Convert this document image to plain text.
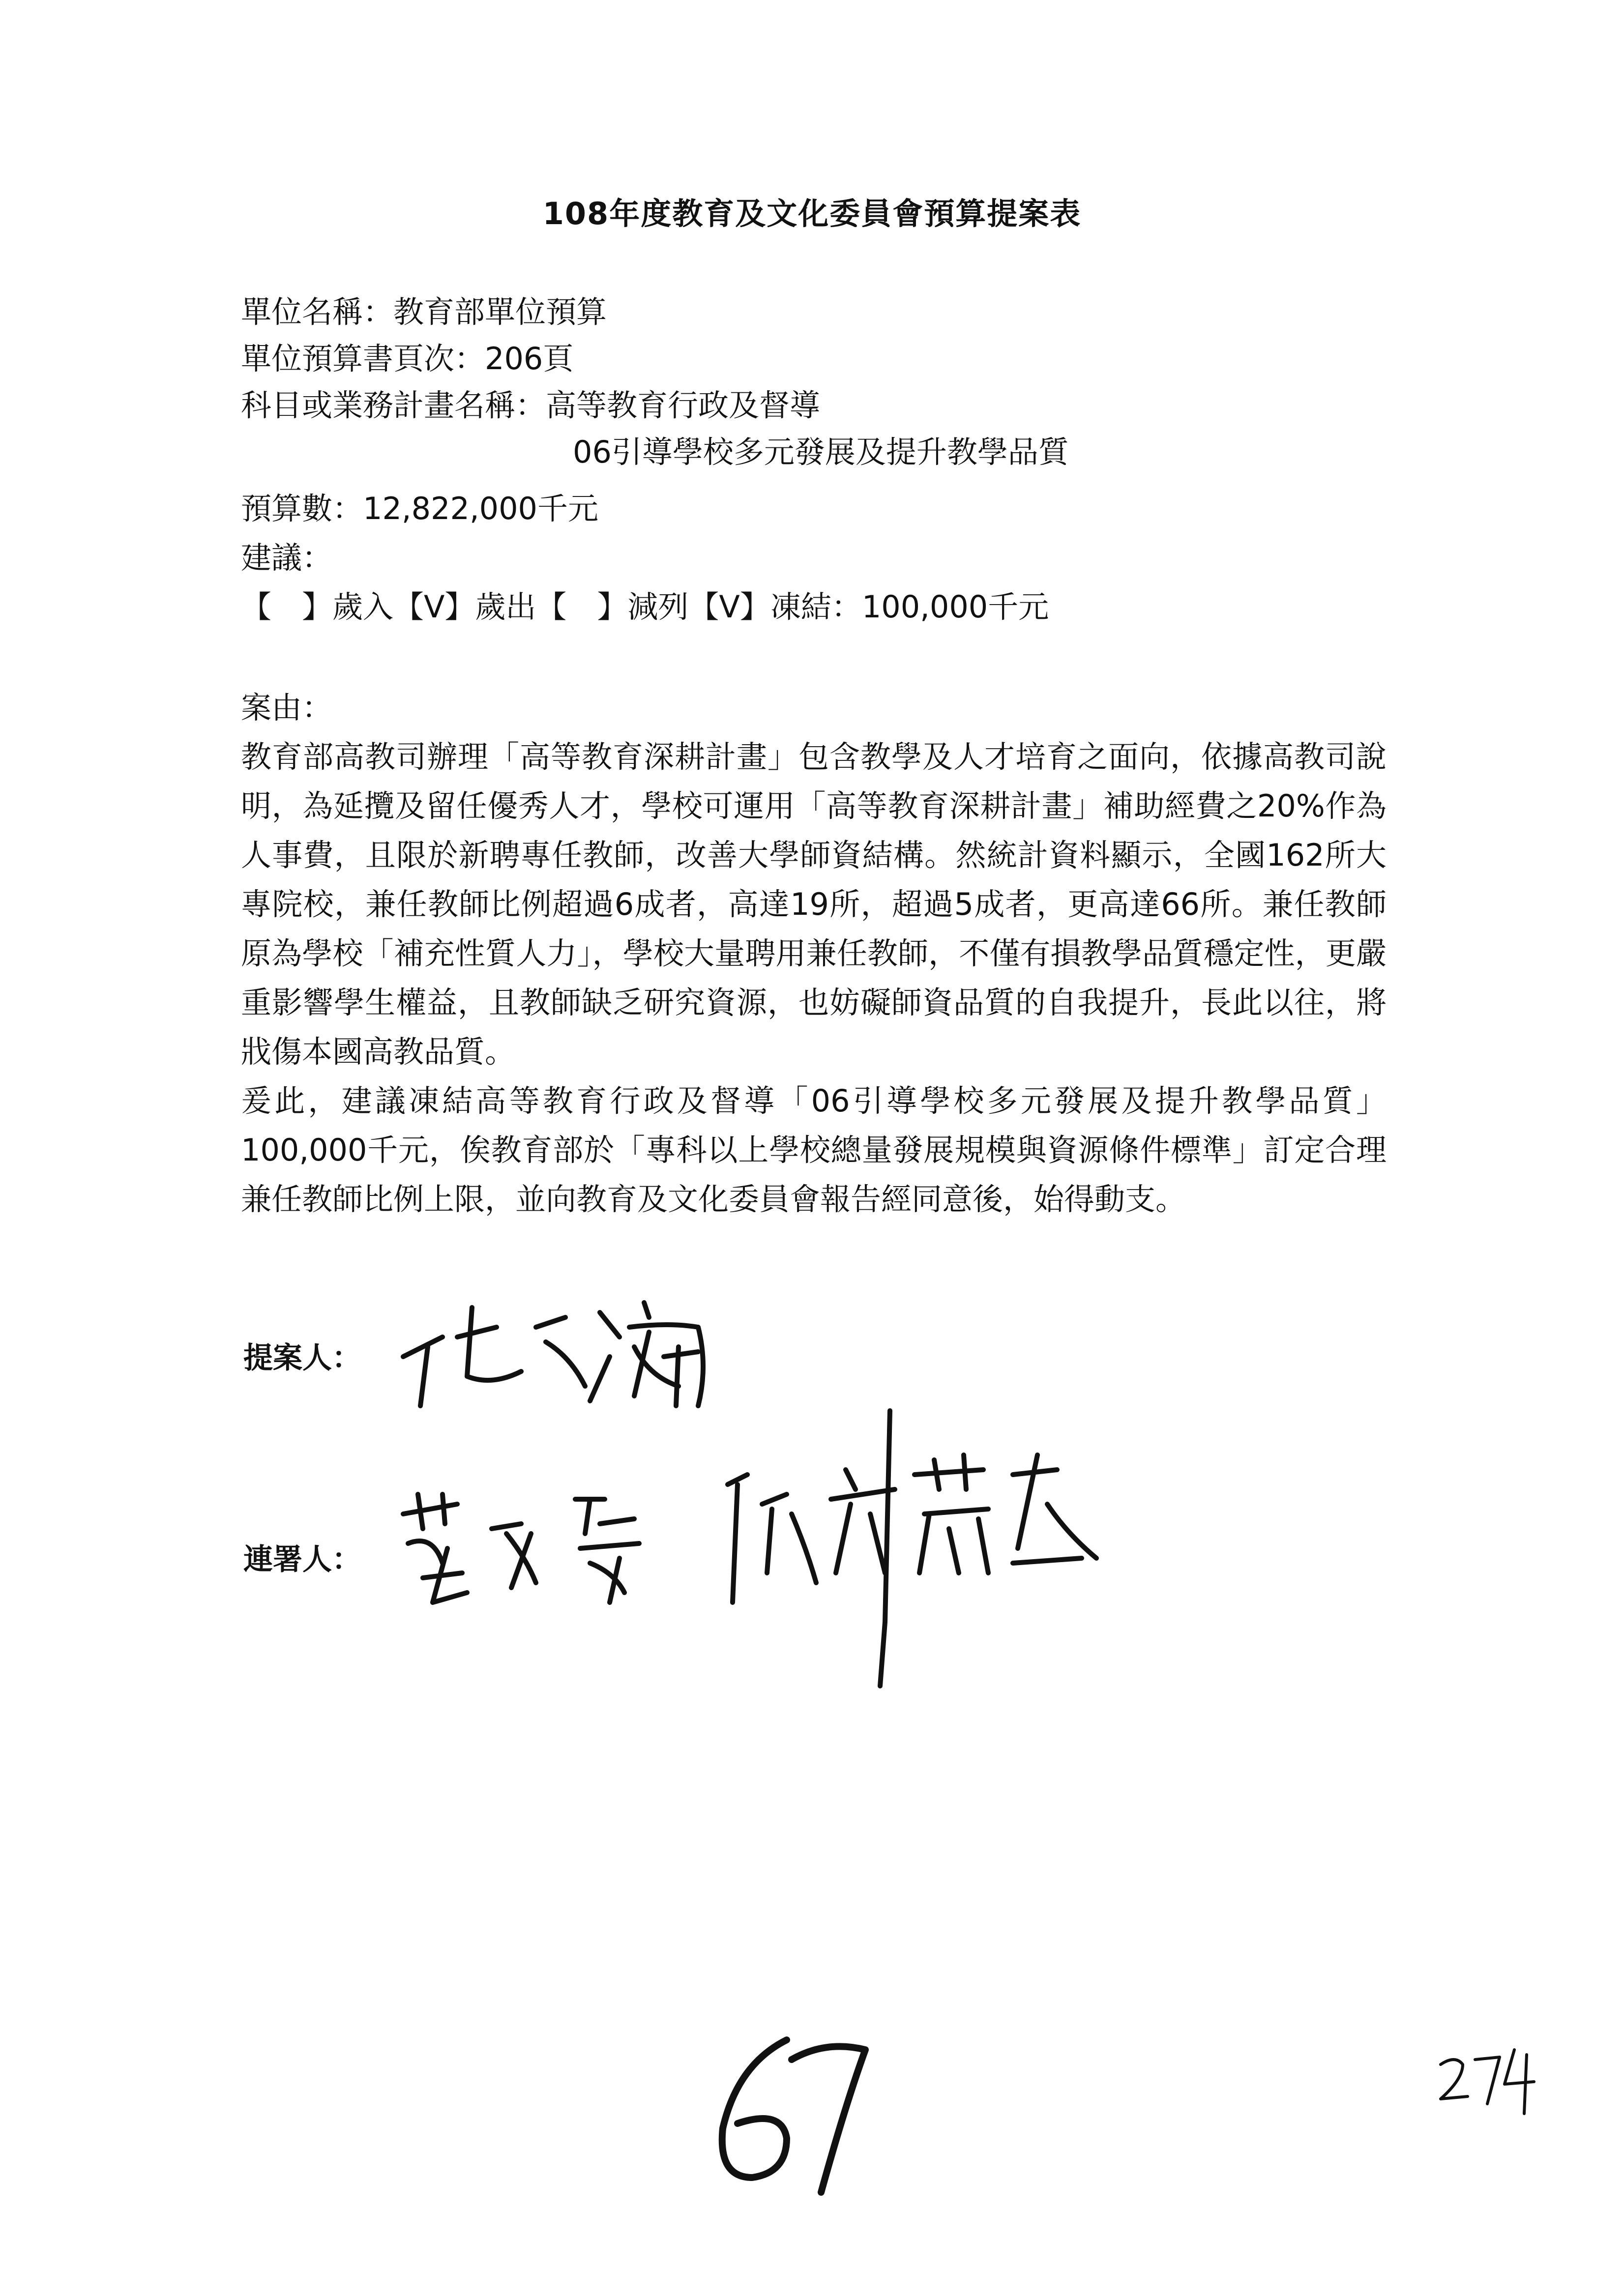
108年度教育及文化委員會預算提案表
單位名稱：教育部單位預算
單位預算書頁次：206頁
科目或業務計畫名稱：高等教育行政及督導
06引導學校多元發展及提升教學品質
預算數：12,822,000千元
建議：
【　】歲入【V】歲出【　】減列【V】凍結：100,000千元
案由：

教育部高教司辦理「高等教育深耕計畫」包含教學及人才培育之面向，依據高教司說明，為延攬及留任優秀人才，學校可運用「高等教育深耕計畫」補助經費之20%作為人事費，且限於新聘專任教師，改善大學師資結構。然統計資料顯示，全國162所大專院校，兼任教師比例超過6成者，高達19所，超過5成者，更高達66所。兼任教師原為學校「補充性質人力」，學校大量聘用兼任教師，不僅有損教學品質穩定性，更嚴重影響學生權益，且教師缺乏研究資源，也妨礙師資品質的自我提升，長此以往，將戕傷本國高教品質。

爰此，建議凍結高等教育行政及督導「06引導學校多元發展及提升教學品質」100,000千元，俟教育部於「專科以上學校總量發展規模與資源條件標準」訂定合理兼任教師比例上限，並向教育及文化委員會報告經同意後，始得動支。

提案人：
連署人：
